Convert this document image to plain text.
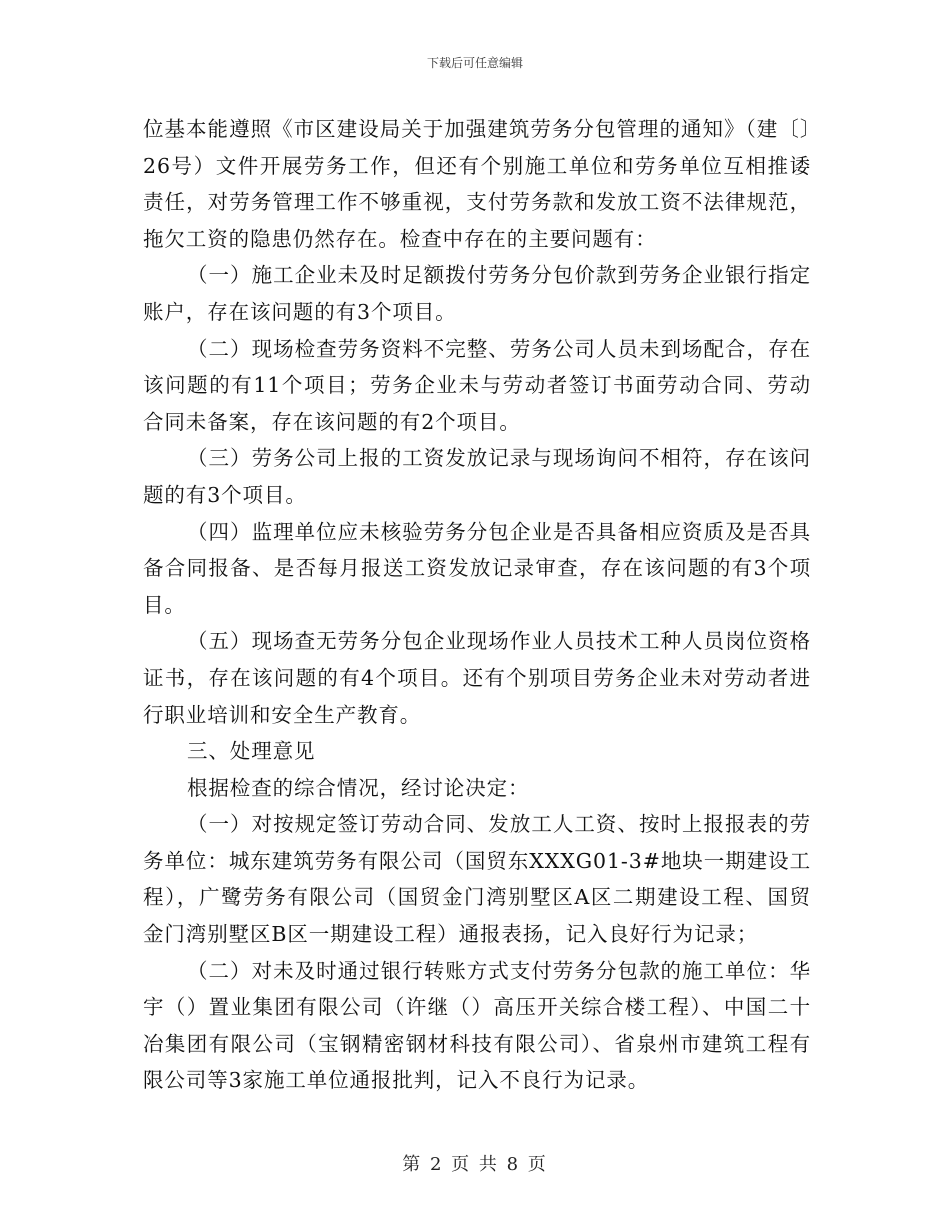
下载后可任意编辑

位基本能遵照《市区建设局关于加强建筑劳务分包管理的通知》（建〔〕26号）文件开展劳务工作，但还有个别施工单位和劳务单位互相推诿责任，对劳务管理工作不够重视，支付劳务款和发放工资不法律规范，拖欠工资的隐患仍然存在。检查中存在的主要问题有：

（一）施工企业未及时足额拨付劳务分包价款到劳务企业银行指定账户，存在该问题的有3个项目。

（二）现场检查劳务资料不完整、劳务公司人员未到场配合，存在该问题的有11个项目；劳务企业未与劳动者签订书面劳动合同、劳动合同未备案，存在该问题的有2个项目。

（三）劳务公司上报的工资发放记录与现场询问不相符，存在该问题的有3个项目。

（四）监理单位应未核验劳务分包企业是否具备相应资质及是否具备合同报备、是否每月报送工资发放记录审查，存在该问题的有3个项目。

（五）现场查无劳务分包企业现场作业人员技术工种人员岗位资格证书，存在该问题的有4个项目。还有个别项目劳务企业未对劳动者进行职业培训和安全生产教育。

三、处理意见

根据检查的综合情况，经讨论决定：

（一）对按规定签订劳动合同、发放工人工资、按时上报报表的劳务单位：城东建筑劳务有限公司（国贸东XXXG01-3#地块一期建设工程），广鹭劳务有限公司（国贸金门湾别墅区A区二期建设工程、国贸金门湾别墅区B区一期建设工程）通报表扬，记入良好行为记录；

（二）对未及时通过银行转账方式支付劳务分包款的施工单位：华宇（）置业集团有限公司（许继（）高压开关综合楼工程）、中国二十冶集团有限公司（宝钢精密钢材科技有限公司）、省泉州市建筑工程有限公司等3家施工单位通报批判，记入不良行为记录。

第 2 页 共 8 页
